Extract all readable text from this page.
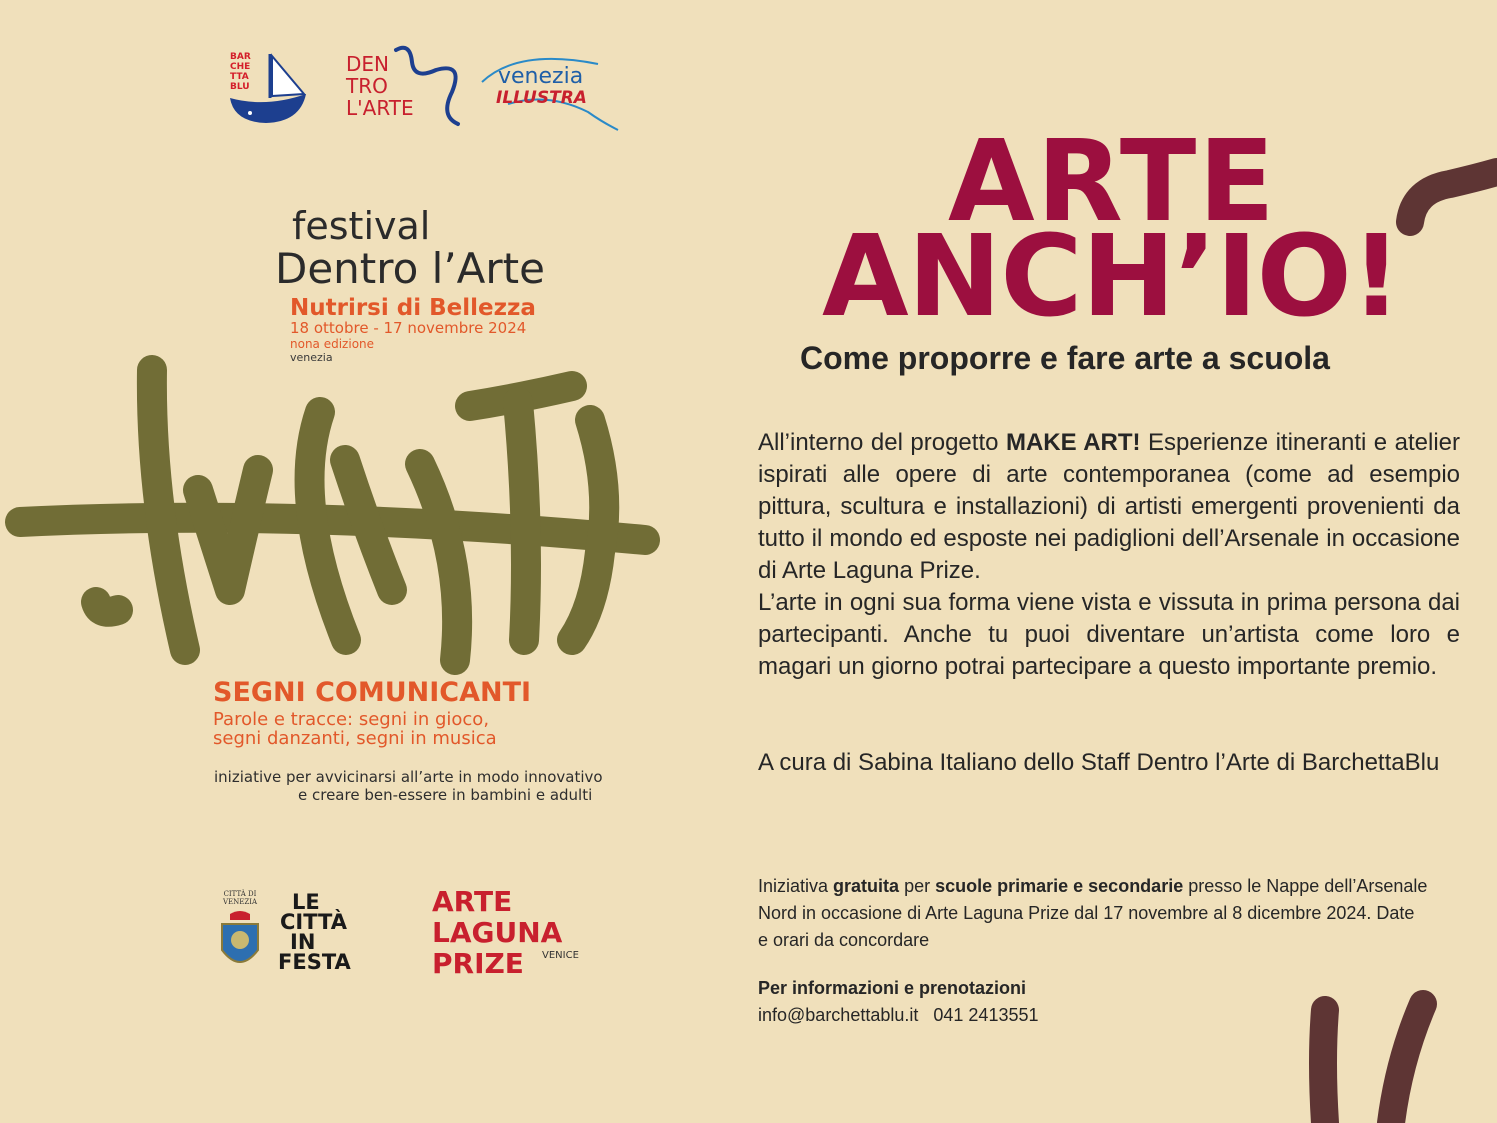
BAR CHE TTA BLU
DEN
TRO
L'ARTE
venezia
ILLUSTRA
festival
Dentro l’Arte
Nutrirsi di Bellezza
18 ottobre - 17 novembre 2024
nona edizione
venezia
SEGNI COMUNICANTI
Parole e tracce: segni in gioco,
segni danzanti, segni in musica
iniziative per avvicinarsi all’arte in modo innovativo
e creare ben-essere in bambini e adulti
CITTÀ DI VENEZIA	LE
CITTÀ
IN
FESTA
ARTE
LAGUNA
PRIZE VENICE
ARTE
ANCH’IO!
Come proporre e fare arte a scuola

All’interno del progetto MAKE ART! Esperienze itineranti e atelier ispirati alle opere di arte contemporanea (come ad esempio pittura, scultura e installazioni) di artisti emergenti provenienti da tutto il mondo ed esposte nei padiglioni dell’Arsenale in occasione di Arte Laguna Prize.

L’arte in ogni sua forma viene vista e vissuta in prima persona dai partecipanti. Anche tu puoi diventare un’artista come loro e magari un giorno potrai partecipare a questo importante premio.

A cura di Sabina Italiano dello Staff Dentro l’Arte di BarchettaBlu
Iniziativa gratuita per scuole primarie e secondarie presso le Nappe dell’Arsenale Nord in occasione di Arte Laguna Prize dal 17 novembre al 8 dicembre 2024. Date e orari da concordare
Per informazioni e prenotazioni
info@barchettablu.it 041 2413551
